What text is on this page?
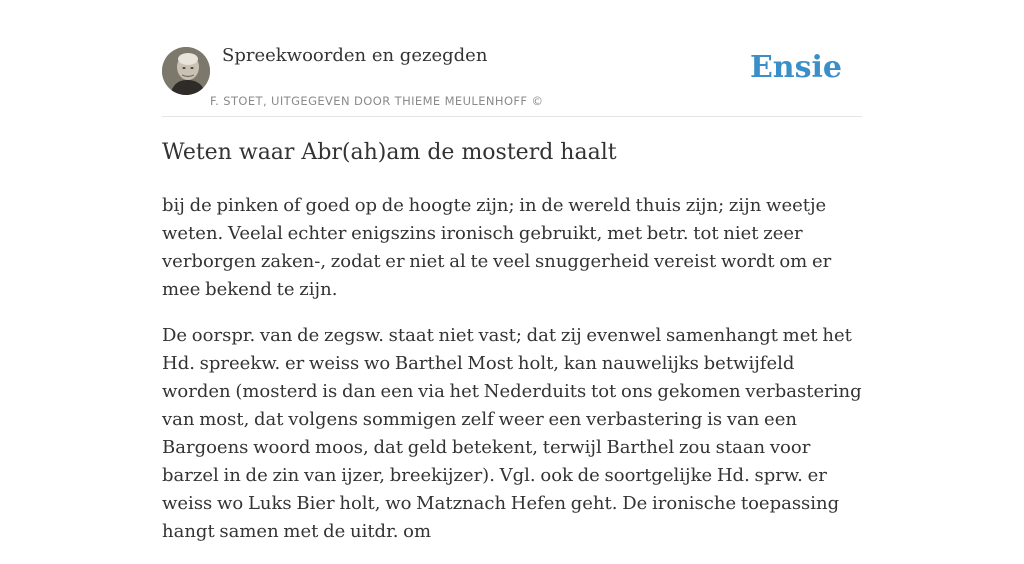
Spreekwoorden en gezegden
F. STOET, UITGEGEVEN DOOR THIEME MEULENHOFF ©
Ensie
Weten waar Abr(ah)am de mosterd haalt

bij de pinken of goed op de hoogte zijn; in de wereld thuis zijn; zijn weetje weten. Veelal echter enigszins ironisch gebruikt, met betr. tot niet zeer verborgen zaken-, zodat er niet al te veel snuggerheid vereist wordt om er mee bekend te zijn.

De oorspr. van de zegsw. staat niet vast; dat zij evenwel samenhangt met het Hd. spreekw. er weiss wo Barthel Most holt, kan nauwelijks betwijfeld worden (mosterd is dan een via het Nederduits tot ons gekomen verbastering van most, dat volgens sommigen zelf weer een verbastering is van een Bargoens woord moos, dat geld betekent, terwijl Barthel zou staan voor barzel in de zin van ijzer, breekijzer). Vgl. ook de soortgelijke Hd. sprw. er weiss wo Luks Bier holt, wo Matznach Hefen geht. De ironische toepassing hangt samen met de uitdr. om
